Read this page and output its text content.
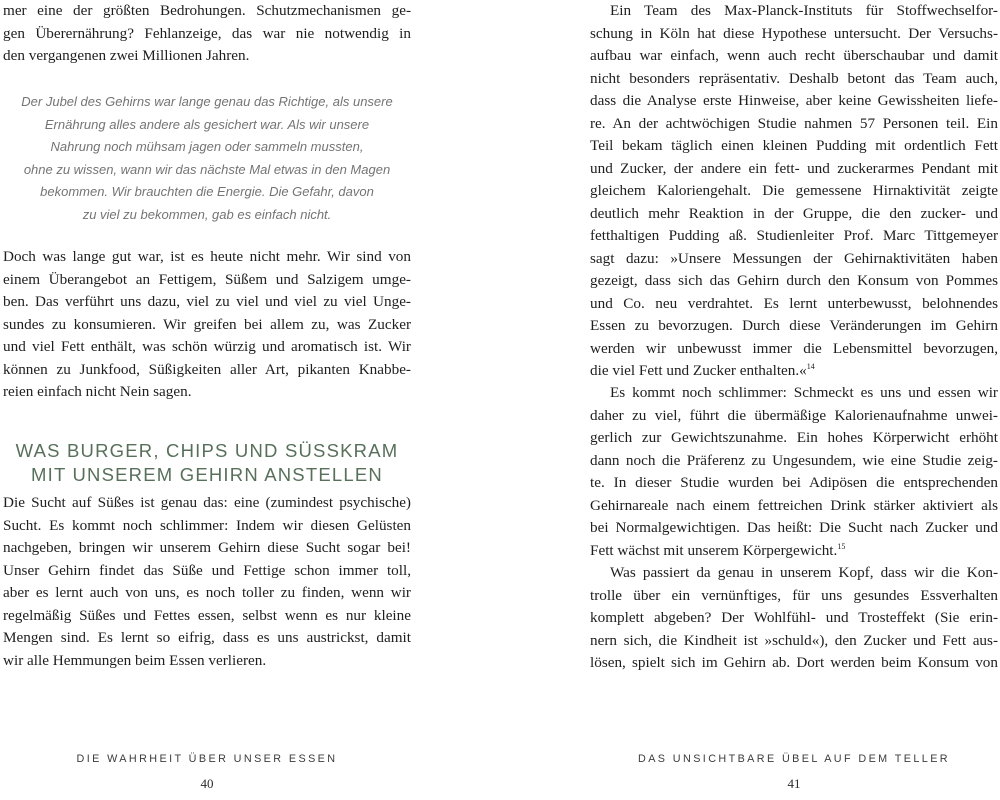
mer eine der größten Bedrohungen. Schutzmechanismen ge-
gen Überernährung? Fehlanzeige, das war nie notwendig in
den vergangenen zwei Millionen Jahren.
Der Jubel des Gehirns war lange genau das Richtige, als unsere
Ernährung alles andere als gesichert war. Als wir unsere
Nahrung noch mühsam jagen oder sammeln mussten,
ohne zu wissen, wann wir das nächste Mal etwas in den Magen
bekommen. Wir brauchten die Energie. Die Gefahr, davon
zu viel zu bekommen, gab es einfach nicht.
Doch was lange gut war, ist es heute nicht mehr. Wir sind von
einem Überangebot an Fettigem, Süßem und Salzigem umge-
ben. Das verführt uns dazu, viel zu viel und viel zu viel Unge-
sundes zu konsumieren. Wir greifen bei allem zu, was Zucker
und viel Fett enthält, was schön würzig und aromatisch ist. Wir
können zu Junkfood, Süßigkeiten aller Art, pikanten Knabbe-
reien einfach nicht Nein sagen.
WAS BURGER, CHIPS UND SÜSSKRAM
MIT UNSEREM GEHIRN ANSTELLEN
Die Sucht auf Süßes ist genau das: eine (zumindest psychische)
Sucht. Es kommt noch schlimmer: Indem wir diesen Gelüsten
nachgeben, bringen wir unserem Gehirn diese Sucht sogar bei!
Unser Gehirn findet das Süße und Fettige schon immer toll,
aber es lernt auch von uns, es noch toller zu finden, wenn wir
regelmäßig Süßes und Fettes essen, selbst wenn es nur kleine
Mengen sind. Es lernt so eifrig, dass es uns austrickst, damit
wir alle Hemmungen beim Essen verlieren.
DIE WAHRHEIT ÜBER UNSER ESSEN
40
Ein Team des Max-Planck-Instituts für Stoffwechselfor-
schung in Köln hat diese Hypothese untersucht. Der Versuchs-
aufbau war einfach, wenn auch recht überschaubar und damit
nicht besonders repräsentativ. Deshalb betont das Team auch,
dass die Analyse erste Hinweise, aber keine Gewissheiten liefe-
re. An der achtwöchigen Studie nahmen 57 Personen teil. Ein
Teil bekam täglich einen kleinen Pudding mit ordentlich Fett
und Zucker, der andere ein fett- und zuckerarmes Pendant mit
gleichem Kaloriengehalt. Die gemessene Hirnaktivität zeigte
deutlich mehr Reaktion in der Gruppe, die den zucker- und
fetthaltigen Pudding aß. Studienleiter Prof. Marc Tittgemeyer
sagt dazu: »Unsere Messungen der Gehirnaktivitäten haben
gezeigt, dass sich das Gehirn durch den Konsum von Pommes
und Co. neu verdrahtet. Es lernt unterbewusst, belohnendes
Essen zu bevorzugen. Durch diese Veränderungen im Gehirn
werden wir unbewusst immer die Lebensmittel bevorzugen,
die viel Fett und Zucker enthalten.«$^{14}$
Es kommt noch schlimmer: Schmeckt es uns und essen wir
daher zu viel, führt die übermäßige Kalorienaufnahme unwei-
gerlich zur Gewichtszunahme. Ein hohes Körperwicht erhöht
dann noch die Präferenz zu Ungesundem, wie eine Studie zeig-
te. In dieser Studie wurden bei Adipösen die entsprechenden
Gehirnareale nach einem fettreichen Drink stärker aktiviert als
bei Normalgewichtigen. Das heißt: Die Sucht nach Zucker und
Fett wächst mit unserem Körpergewicht.$^{15}$
Was passiert da genau in unserem Kopf, dass wir die Kon-
trolle über ein vernünftiges, für uns gesundes Essverhalten
komplett abgeben? Der Wohlfühl- und Trosteffekt (Sie erin-
nern sich, die Kindheit ist »schuld«), den Zucker und Fett aus-
lösen, spielt sich im Gehirn ab. Dort werden beim Konsum von
DAS UNSICHTBARE ÜBEL AUF DEM TELLER
41
